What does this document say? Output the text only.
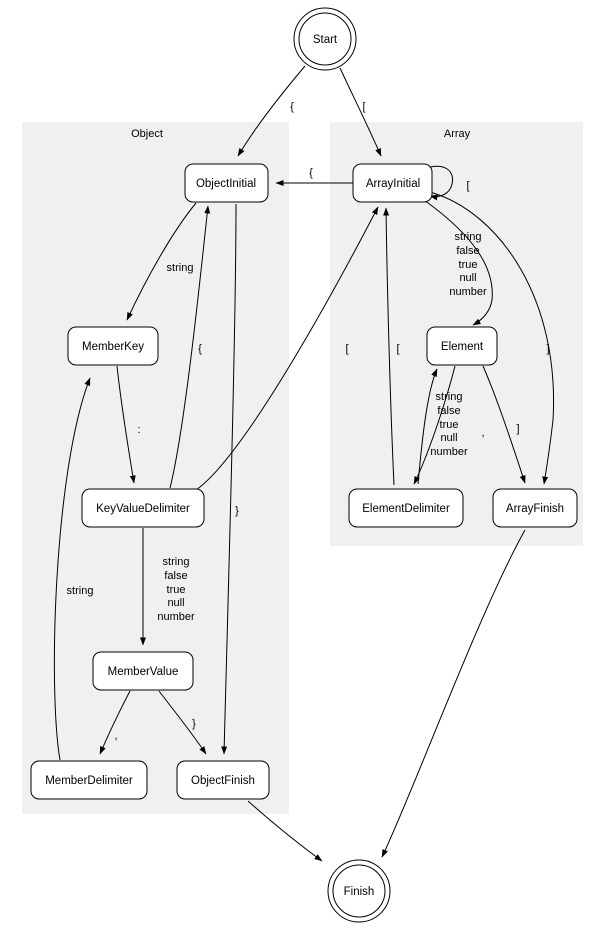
Object	Array
{	[
{
[
string
:
{	[
string
false
true
null
number
,
}
string
}
string
false
true
null
number
,	]
string
false
true
null
number
[	]
Start
ObjectInitial	ArrayInitial
MemberKey	Element
KeyValueDelimiter	ElementDelimiter	ArrayFinish
MemberValue
MemberDelimiter	ObjectFinish
Finish
